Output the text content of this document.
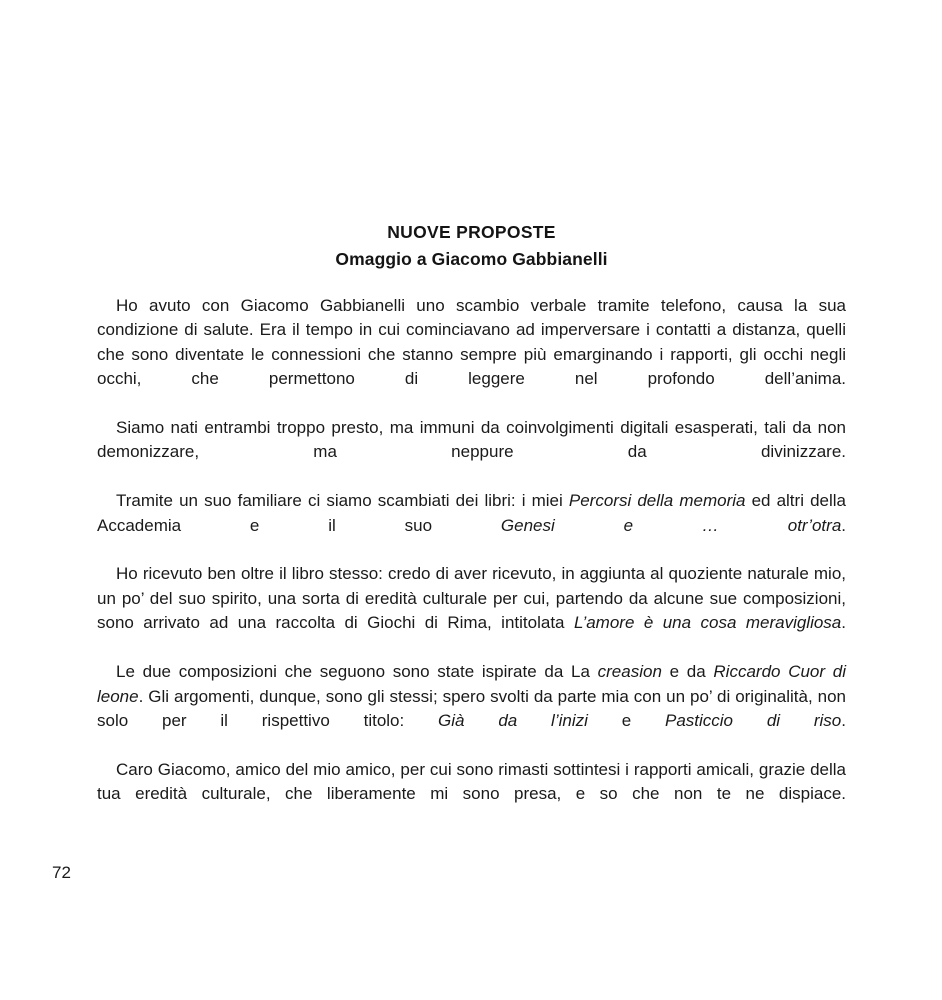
NUOVE PROPOSTE
Omaggio a Giacomo Gabbianelli

Ho avuto con Giacomo Gabbianelli uno scambio verbale tramite telefono, causa la sua condizione di salute. Era il tempo in cui cominciavano ad imperversare i contatti a distanza, quelli che sono diventate le connessioni che stanno sempre più emarginando i rapporti, gli occhi negli occhi, che permettono di leggere nel profondo dell’anima.

Siamo nati entrambi troppo presto, ma immuni da coinvolgimenti digitali esasperati, tali da non demonizzare, ma neppure da divinizzare.

Tramite un suo familiare ci siamo scambiati dei libri: i miei Percorsi della memoria ed altri della Accademia e il suo Genesi e … otr’otra.

Ho ricevuto ben oltre il libro stesso: credo di aver ricevuto, in aggiunta al quoziente naturale mio, un po’ del suo spirito, una sorta di eredità culturale per cui, partendo da alcune sue composizioni, sono arrivato ad una raccolta di Giochi di Rima, intitolata L’amore è una cosa meravigliosa.

Le due composizioni che seguono sono state ispirate da La creasion e da Riccardo Cuor di leone. Gli argomenti, dunque, sono gli stessi; spero svolti da parte mia con un po’ di originalità, non solo per il rispettivo titolo: Già da l’inizi e Pasticcio di riso.

Caro Giacomo, amico del mio amico, per cui sono rimasti sottintesi i rapporti amicali, grazie della tua eredità culturale, che liberamente mi sono presa, e so che non te ne dispiace.

72
